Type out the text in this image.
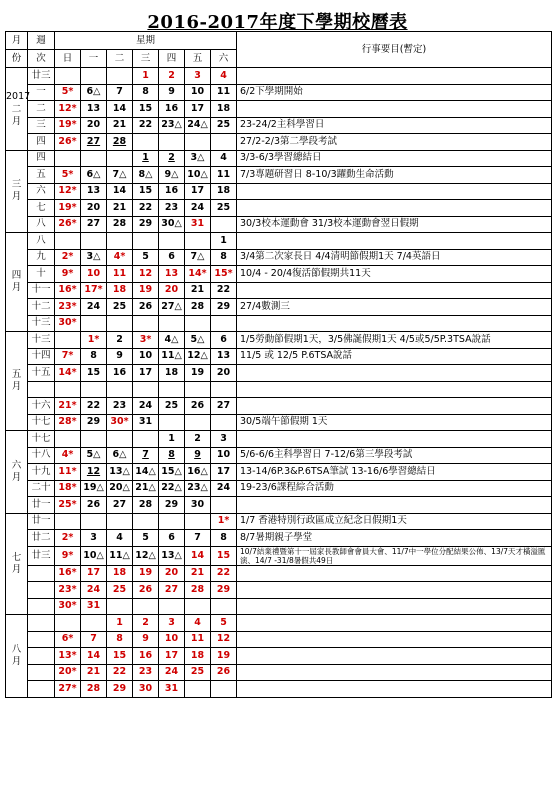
2016-2017年度下學期校曆表
月	週	星期							行事要目(暫定)
份	次	日	一	二	三	四	五	六	

2017
二
月	廿三				1	2	3	4	
	一	5*	6△	7	8	9	10	11	6/2下學期開始
	二	12*	13	14	15	16	17	18	
	三	19*	20	21	22	23△	24△	25	23-24/2主科學習日
	四	26*	27	28					27/2-2/3第二學段考試

三
月	四				1	2	3△	4	3/3-6/3學習總結日
	五	5*	6△	7△	8△	9△	10△	11	7/3專題研習日 8-10/3躍動生命活動
	六	12*	13	14	15	16	17	18	
	七	19*	20	21	22	23	24	25	
	八	26*	27	28	29	30△	31		30/3校本運動會 31/3校本運動會翌日假期

四
月	八							1	
	九	2*	3△	4*	5	6	7△	8	3/4第二次家長日 4/4清明節假期1天 7/4英語日
	十	9*	10	11	12	13	14*	15*	10/4 - 20/4復活節假期共11天
	十一	16*	17*	18	19	20	21	22	
	十二	23*	24	25	26	27△	28	29	27/4數測三
	十三	30*							

五
月	十三		1*	2	3*	4△	5△	6	1/5勞動節假期1天，3/5佛誕假期1天 4/5或5/5P.3TSA說話
	十四	7*	8	9	10	11△	12△	13	11/5 或 12/5 P.6TSA說話
	十五	14*	15	16	17	18	19	20	

	十六	21*	22	23	24	25	26	27	
	十七	28*	29	30*	31				30/5端午節假期 1天

六
月	十七					1	2	3	
	十八	4*	5△	6△	7	8	9	10	5/6-6/6主科學習日 7-12/6第三學段考試
	十九	11*	12	13△	14△	15△	16△	17	13-14/6P.3&P.6TSA筆試 13-16/6學習總結日
	二十	18*	19△	20△	21△	22△	23△	24	19-23/6課程綜合活動
	廿一	25*	26	27	28	29	30		

七
月	廿一							1*	1/7 香港特別行政區成立紀念日假期1天
	廿二	2*	3	4	5	6	7	8	8/7暑期親子學堂
	廿三	9*	10△	11△	12△	13△	14	15	10/7結業禮暨第十一屆家長教師會會員大會、11/7中一學位分配結果公佈、13/7天才橫溢匯演、14/7 -31/8暑假共49日
		16*	17	18	19	20	21	22	
		23*	24	25	26	27	28	29	
		30*	31						

八
月				1	2	3	4	5	
		6*	7	8	9	10	11	12	
		13*	14	15	16	17	18	19	
		20*	21	22	23	24	25	26	
		27*	28	29	30	31			
